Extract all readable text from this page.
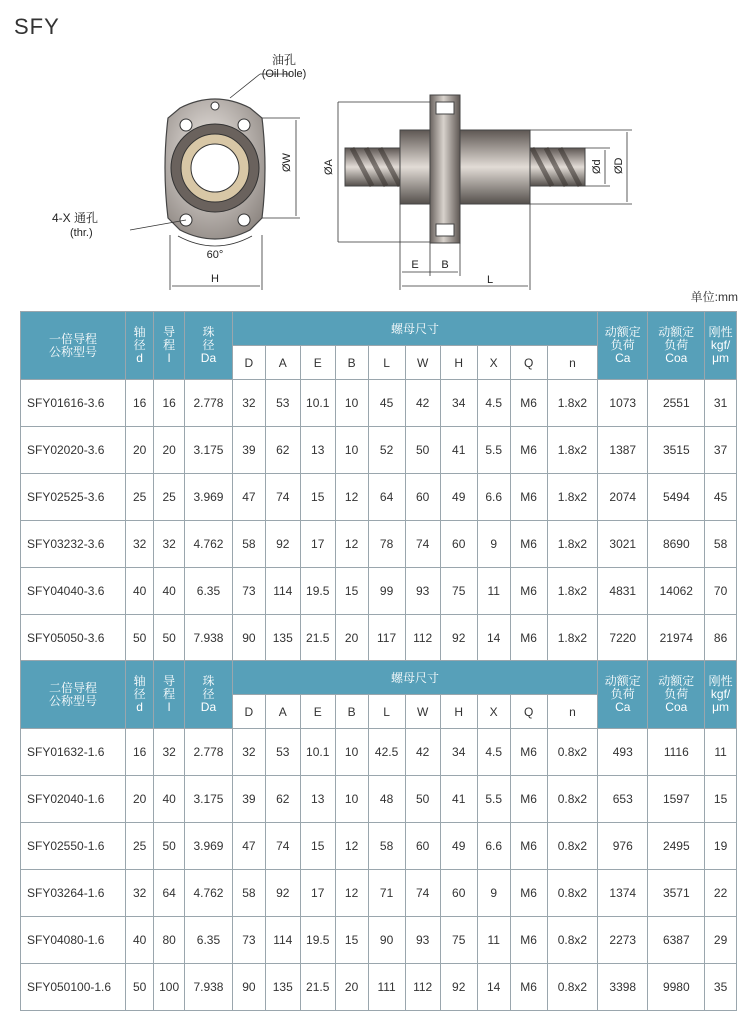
SFY
油孔
(Oil hole)
4-X 通孔
(thr.)
60°
H
ØW	ØA	Ød ØD
E B
L
单位:mm
一倍导程
公称型号	轴
径
d	导
程
l	珠
径
Da	螺母尺寸										动额定
负荷
Ca	动额定
负荷
Coa	刚性
kgf/
μm

				D	A	E	B	L	W	H	X	Q	n			
SFY01616-3.6	16	16	2.778	32	53	10.1	10	45	42	34	4.5	M6	1.8x2	1073	2551	31
SFY02020-3.6	20	20	3.175	39	62	13	10	52	50	41	5.5	M6	1.8x2	1387	3515	37
SFY02525-3.6	25	25	3.969	47	74	15	12	64	60	49	6.6	M6	1.8x2	2074	5494	45
SFY03232-3.6	32	32	4.762	58	92	17	12	78	74	60	9	M6	1.8x2	3021	8690	58
SFY04040-3.6	40	40	6.35	73	114	19.5	15	99	93	75	11	M6	1.8x2	4831	14062	70
SFY05050-3.6	50	50	7.938	90	135	21.5	20	117	112	92	14	M6	1.8x2	7220	21974	86
二倍导程
公称型号	轴
径
d	导
程
l	珠
径
Da	螺母尺寸										动额定
负荷
Ca	动额定
负荷
Coa	刚性
kgf/
μm

				D	A	E	B	L	W	H	X	Q	n			
SFY01632-1.6	16	32	2.778	32	53	10.1	10	42.5	42	34	4.5	M6	0.8x2	493	1116	11
SFY02040-1.6	20	40	3.175	39	62	13	10	48	50	41	5.5	M6	0.8x2	653	1597	15
SFY02550-1.6	25	50	3.969	47	74	15	12	58	60	49	6.6	M6	0.8x2	976	2495	19
SFY03264-1.6	32	64	4.762	58	92	17	12	71	74	60	9	M6	0.8x2	1374	3571	22
SFY04080-1.6	40	80	6.35	73	114	19.5	15	90	93	75	11	M6	0.8x2	2273	6387	29
SFY050100-1.6	50	100	7.938	90	135	21.5	20	111	112	92	14	M6	0.8x2	3398	9980	35
